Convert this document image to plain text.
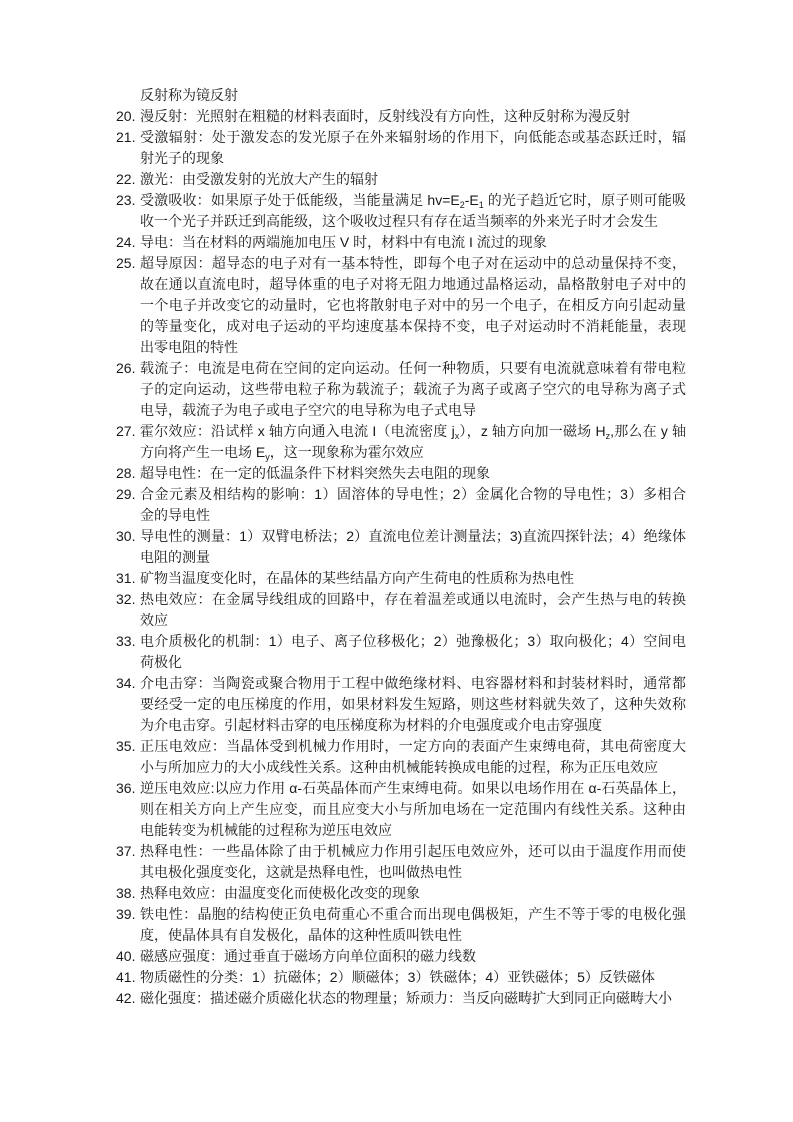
反射称为镜反射
20. 漫反射：光照射在粗糙的材料表面时，反射线没有方向性，这种反射称为漫反射
21. 受激辐射：处于激发态的发光原子在外来辐射场的作用下，向低能态或基态跃迁时，辐
射光子的现象
22. 激光：由受激发射的光放大产生的辐射
23. 受激吸收：如果原子处于低能级，当能量满足 $hv=E_2-E_1$ 的光子趋近它时，原子则可能吸
收一个光子并跃迁到高能级，这个吸收过程只有存在适当频率的外来光子时才会发生
24. 导电：当在材料的两端施加电压 V 时，材料中有电流 I 流过的现象
25. 超导原因：超导态的电子对有一基本特性，即每个电子对在运动中的总动量保持不变，
故在通以直流电时，超导体重的电子对将无阻力地通过晶格运动，晶格散射电子对中的
一个电子并改变它的动量时，它也将散射电子对中的另一个电子，在相反方向引起动量
的等量变化，成对电子运动的平均速度基本保持不变，电子对运动时不消耗能量，表现
出零电阻的特性
26. 载流子：电流是电荷在空间的定向运动。任何一种物质，只要有电流就意味着有带电粒
子的定向运动，这些带电粒子称为载流子；载流子为离子或离子空穴的电导称为离子式
电导，载流子为电子或电子空穴的电导称为电子式电导
27. 霍尔效应：沿试样 x 轴方向通入电流 I（电流密度 $j_x$），z 轴方向加一磁场 $H_z$,那么在 y 轴
方向将产生一电场 $E_y$，这一现象称为霍尔效应
28. 超导电性：在一定的低温条件下材料突然失去电阻的现象
29. 合金元素及相结构的影响：1）固溶体的导电性；2）金属化合物的导电性；3）多相合
金的导电性
30. 导电性的测量：1）双臂电桥法；2）直流电位差计测量法；3)直流四探针法；4）绝缘体
电阻的测量
31. 矿物当温度变化时，在晶体的某些结晶方向产生荷电的性质称为热电性
32. 热电效应：在金属导线组成的回路中，存在着温差或通以电流时，会产生热与电的转换
效应
33. 电介质极化的机制：1）电子、离子位移极化；2）弛豫极化；3）取向极化；4）空间电
荷极化
34. 介电击穿：当陶瓷或聚合物用于工程中做绝缘材料、电容器材料和封装材料时，通常都
要经受一定的电压梯度的作用，如果材料发生短路，则这些材料就失效了，这种失效称
为介电击穿。引起材料击穿的电压梯度称为材料的介电强度或介电击穿强度
35. 正压电效应：当晶体受到机械力作用时，一定方向的表面产生束缚电荷，其电荷密度大
小与所加应力的大小成线性关系。这种由机械能转换成电能的过程，称为正压电效应
36. 逆压电效应:以应力作用 α-石英晶体而产生束缚电荷。如果以电场作用在 α-石英晶体上，
则在相关方向上产生应变，而且应变大小与所加电场在一定范围内有线性关系。这种由
电能转变为机械能的过程称为逆压电效应
37. 热释电性：一些晶体除了由于机械应力作用引起压电效应外，还可以由于温度作用而使
其电极化强度变化，这就是热释电性，也叫做热电性
38. 热释电效应：由温度变化而使极化改变的现象
39. 铁电性：晶胞的结构使正负电荷重心不重合而出现电偶极矩，产生不等于零的电极化强
度，使晶体具有自发极化，晶体的这种性质叫铁电性
40. 磁感应强度：通过垂直于磁场方向单位面积的磁力线数
41. 物质磁性的分类：1）抗磁体；2）顺磁体；3）铁磁体；4）亚铁磁体；5）反铁磁体
42. 磁化强度：描述磁介质磁化状态的物理量；矫顽力：当反向磁畴扩大到同正向磁畴大小
